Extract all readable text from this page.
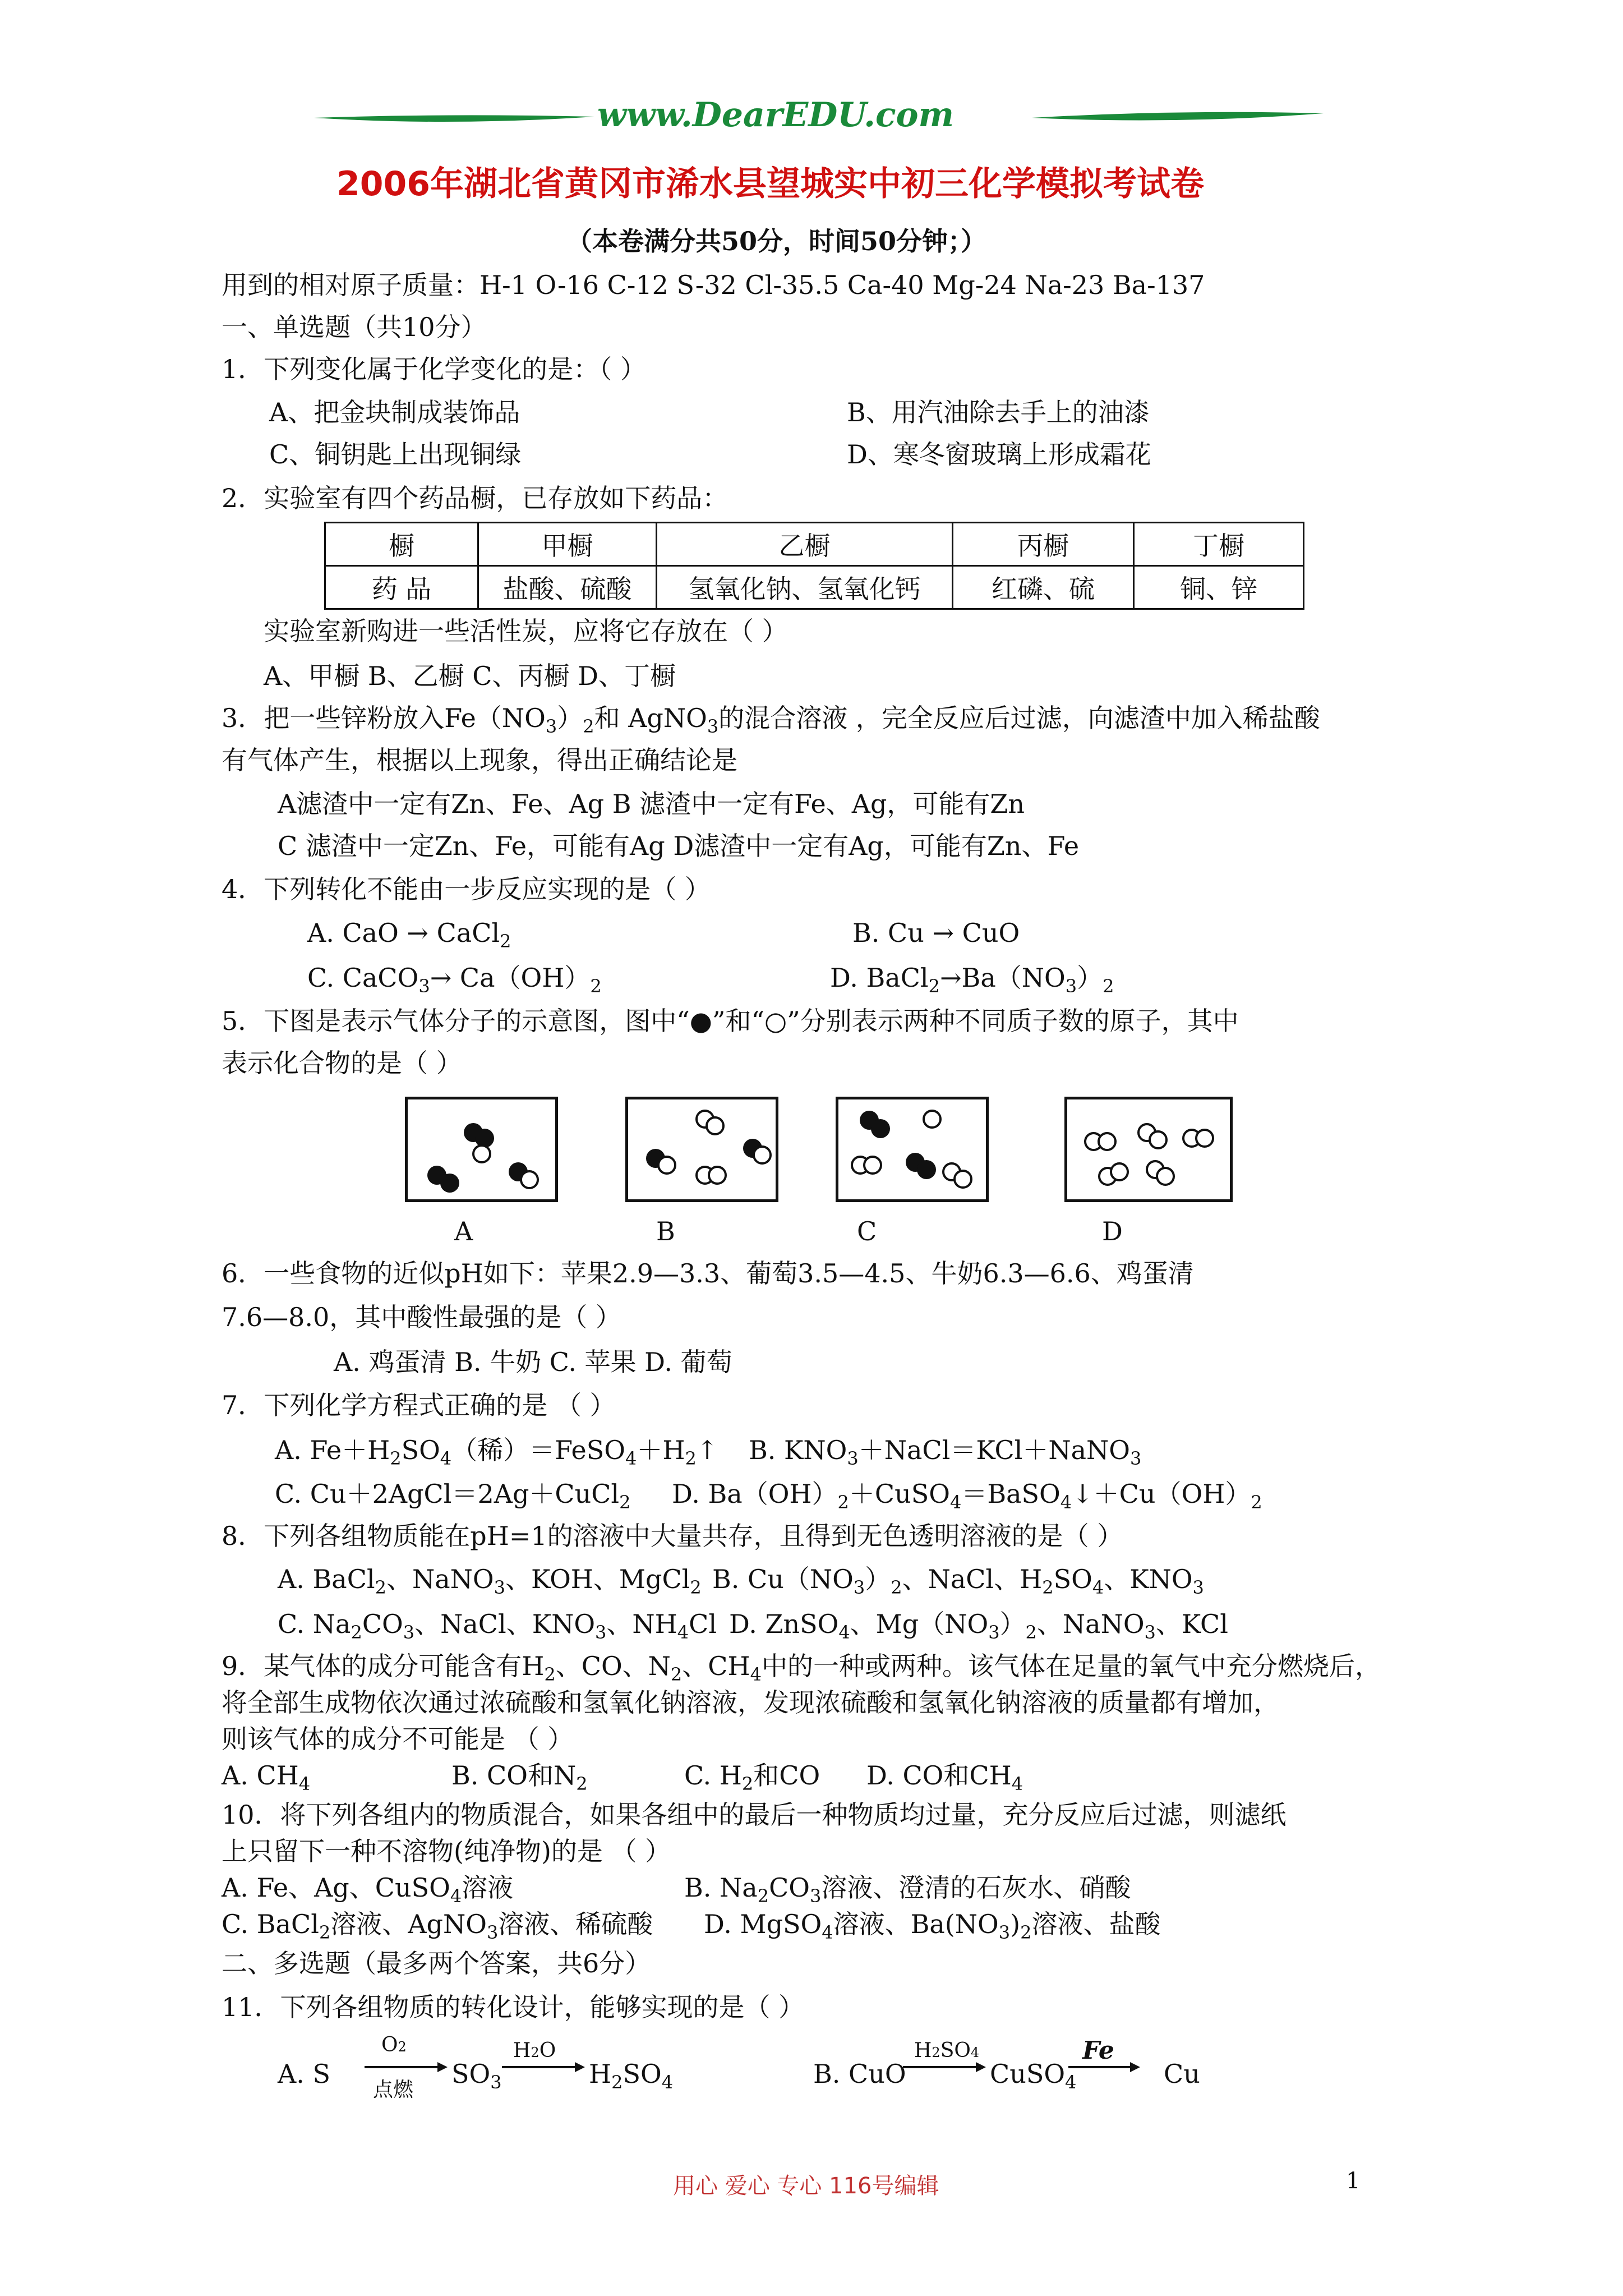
www.DearEDU.com
2006年湖北省黄冈市浠水县望城实中初三化学模拟考试卷
（本卷满分共50分，时间50分钟；）
用到的相对原子质量：H-1 O-16 C-12 S-32 Cl-35.5 Ca-40 Mg-24 Na-23 Ba-137
一、单选题（共10分）
1．下列变化属于化学变化的是：（ ）
A、把金块制成装饰品	B、用汽油除去手上的油漆
C、铜钥匙上出现铜绿	D、寒冬窗玻璃上形成霜花
2．实验室有四个药品橱，已存放如下药品：
橱	甲橱	乙橱	丙橱	丁橱
药 品	盐酸、硫酸	氢氧化钠、氢氧化钙	红磷、硫	铜、锌
实验室新购进一些活性炭，应将它存放在（ ）
A、甲橱 B、乙橱 C、丙橱 D、丁橱
3．把一些锌粉放入$Fe(NO_3)_2$和 AgNO$_3$的混合溶液 ，完全反应后过滤，向滤渣中加入稀盐酸
有气体产生，根据以上现象，得出正确结论是
A滤渣中一定有Zn、Fe、Ag B 滤渣中一定有Fe、Ag，可能有Zn
C 滤渣中一定Zn、Fe，可能有Ag D滤渣中一定有Ag，可能有Zn、Fe
4．下列转化不能由一步反应实现的是（ ）
A. CaO → CaCl$_2$	B. Cu → CuO
C. CaCO$_3$→ $Ca(OH)_2$	D. $BaCl_2\to Ba(NO_3)_2$
5．下图是表示气体分子的示意图，图中“●”和“○”分别表示两种不同质子数的原子，其中
表示化合物的是（ ）
A	B	C	D
6．一些食物的近似pH如下：苹果2.9—3.3、葡萄3.5—4.5、牛奶6.3—6.6、鸡蛋清
7.6—8.0，其中酸性最强的是（ ）
A. 鸡蛋清 B. 牛奶 C. 苹果 D. 葡萄
7．下列化学方程式正确的是 （ ）
A. $Fe+H_2SO_4$（稀）$=FeSO_4+H_2↑$ B. $KNO_3+NaCl=KCl+NaNO_3$
C. Cu＋2AgCl＝2Ag＋CuCl$_2$ D. $Ba(OH)_2+CuSO_4=BaSO_4↓+Cu(OH)_2$
8．下列各组物质能在pH=1的溶液中大量共存，且得到无色透明溶液的是（ ）
A. BaCl$_2$、NaNO$_3$、KOH、MgCl$_2$ B. $Cu(NO_3)_2$、NaCl、$H_2SO_4$、$KNO_3$
C. $Na_2CO_3$、NaCl、$KNO_3$、$NH_4Cl$ D. ZnSO$_4$、$Mg(NO_3)_2$、NaNO$_3$、KCl
9．某气体的成分可能含有$H_2$、CO、$N_2$、$CH_4$中的一种或两种。该气体在足量的氧气中充分燃烧后，
将全部生成物依次通过浓硫酸和氢氧化钠溶液，发现浓硫酸和氢氧化钠溶液的质量都有增加，
则该气体的成分不可能是 （ ）
A. $CH_4$	B. CO和$N_2$	C. $H_2$和CO D. CO和$CH_4$
10．将下列各组内的物质混合，如果各组中的最后一种物质均过量，充分反应后过滤，则滤纸
上只留下一种不溶物(纯净物)的是 （ ）
A. Fe、Ag、CuSO$_4$溶液	B. $Na_2CO_3$溶液、澄清的石灰水、硝酸
C. BaCl$_2$溶液、AgNO$_3$溶液、稀硫酸 D. MgSO$_4$溶液、$Ba(NO_3)_2$溶液、盐酸
二、多选题（最多两个答案，共6分）
11．下列各组物质的转化设计，能够实现的是（ ）
A. S
O2
点燃
$SO_3$
H2O
→ $H_2SO_4$	B. CuO
H2SO4
→ CuSO$_4$
Fe
→ Cu
用心 爱心 专心 116号编辑	1
